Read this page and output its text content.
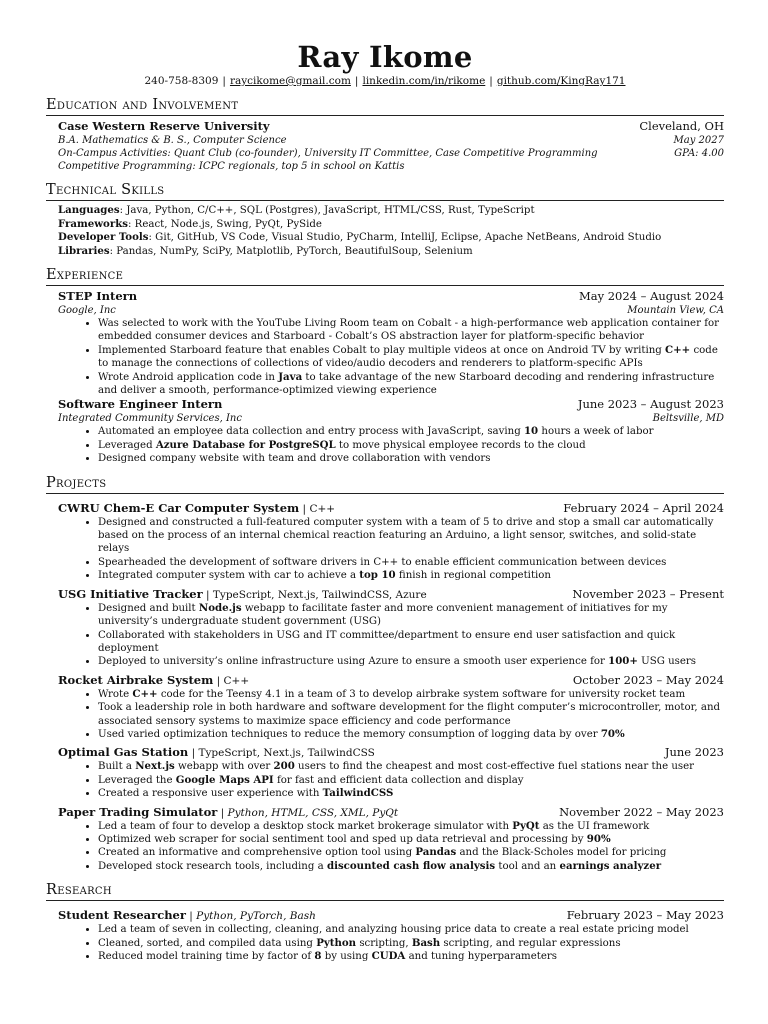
Ray Ikome
240-758-8309 | raycikome@gmail.com | linkedin.com/in/rikome | github.com/KingRay171
Education and Involvement
Case Western Reserve University	Cleveland, OH
B.A. Mathematics & B. S., Computer Science	May 2027
On-Campus Activities: Quant Club (co-founder), University IT Committee, Case Competitive Programming	GPA: 4.00
Competitive Programming: ICPC regionals, top 5 in school on Kattis
Technical Skills
Languages: Java, Python, C/C++, SQL (Postgres), JavaScript, HTML/CSS, Rust, TypeScript
Frameworks: React, Node.js, Swing, PyQt, PySide
Developer Tools: Git, GitHub, VS Code, Visual Studio, PyCharm, IntelliJ, Eclipse, Apache NetBeans, Android Studio
Libraries: Pandas, NumPy, SciPy, Matplotlib, PyTorch, BeautifulSoup, Selenium
Experience
STEP Intern	May 2024 – August 2024
Google, Inc	Mountain View, CA
• Was selected to work with the YouTube Living Room team on Cobalt - a high-performance web application container for embedded consumer devices and Starboard - Cobalt’s OS abstraction layer for platform-specific behavior
• Implemented Starboard feature that enables Cobalt to play multiple videos at once on Android TV by writing C++ code to manage the connections of collections of video/audio decoders and renderers to platform-specific APIs
• Wrote Android application code in Java to take advantage of the new Starboard decoding and rendering infrastructure and deliver a smooth, performance-optimized viewing experience
Software Engineer Intern	June 2023 – August 2023
Integrated Community Services, Inc	Beltsville, MD
• Automated an employee data collection and entry process with JavaScript, saving 10 hours a week of labor
• Leveraged Azure Database for PostgreSQL to move physical employee records to the cloud
• Designed company website with team and drove collaboration with vendors
Projects
CWRU Chem-E Car Computer System | C++	February 2024 – April 2024
• Designed and constructed a full-featured computer system with a team of 5 to drive and stop a small car automatically based on the process of an internal chemical reaction featuring an Arduino, a light sensor, switches, and solid-state relays
• Spearheaded the development of software drivers in C++ to enable efficient communication between devices
• Integrated computer system with car to achieve a top 10 finish in regional competition
USG Initiative Tracker | TypeScript, Next.js, TailwindCSS, Azure	November 2023 – Present
• Designed and built Node.js webapp to facilitate faster and more convenient management of initiatives for my university’s undergraduate student government (USG)
• Collaborated with stakeholders in USG and IT committee/department to ensure end user satisfaction and quick deployment
• Deployed to university’s online infrastructure using Azure to ensure a smooth user experience for 100+ USG users
Rocket Airbrake System | C++	October 2023 – May 2024
• Wrote C++ code for the Teensy 4.1 in a team of 3 to develop airbrake system software for university rocket team
• Took a leadership role in both hardware and software development for the flight computer’s microcontroller, motor, and associated sensory systems to maximize space efficiency and code performance
• Used varied optimization techniques to reduce the memory consumption of logging data by over 70%
Optimal Gas Station | TypeScript, Next.js, TailwindCSS	June 2023
• Built a Next.js webapp with over 200 users to find the cheapest and most cost-effective fuel stations near the user
• Leveraged the Google Maps API for fast and efficient data collection and display
• Created a responsive user experience with TailwindCSS
Paper Trading Simulator | Python, HTML, CSS, XML, PyQt	November 2022 – May 2023
• Led a team of four to develop a desktop stock market brokerage simulator with PyQt as the UI framework
• Optimized web scraper for social sentiment tool and sped up data retrieval and processing by 90%
• Created an informative and comprehensive option tool using Pandas and the Black-Scholes model for pricing
• Developed stock research tools, including a discounted cash flow analysis tool and an earnings analyzer
Research
Student Researcher | Python, PyTorch, Bash	February 2023 – May 2023
• Led a team of seven in collecting, cleaning, and analyzing housing price data to create a real estate pricing model
• Cleaned, sorted, and compiled data using Python scripting, Bash scripting, and regular expressions
• Reduced model training time by factor of 8 by using CUDA and tuning hyperparameters
